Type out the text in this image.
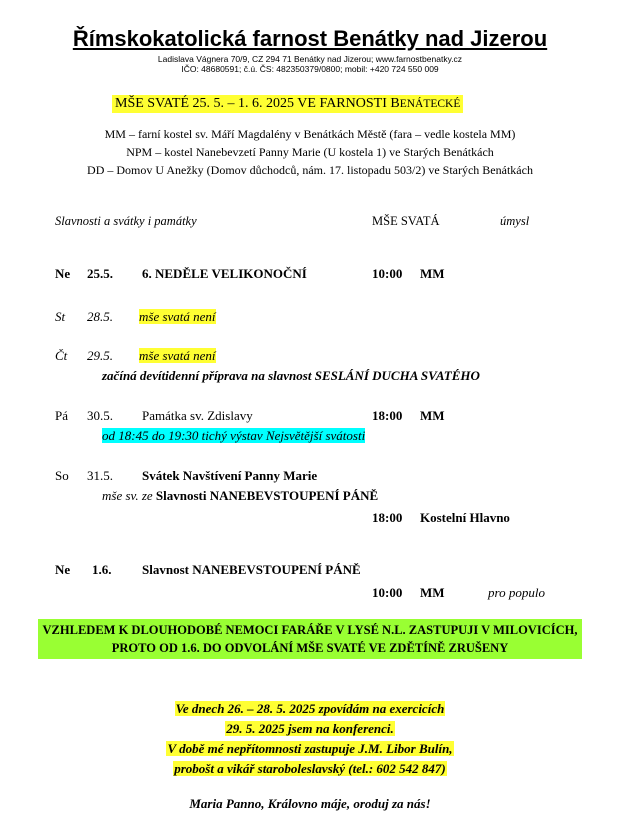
Římskokatolická farnost Benátky nad Jizerou
Ladislava Vágnera 70/9, CZ 294 71 Benátky nad Jizerou; www.farnostbenatky.cz
IČO: 48680591; č.ú. ČS: 482350379/0800; mobil: +420 724 550 009
MŠE SVATÉ 25. 5. – 1. 6. 2025 VE FARNOSTI BENÁTECKÉ
MM – farní kostel sv. Máří Magdalény v Benátkách Městě (fara – vedle kostela MM)
NPM – kostel Nanebevzetí Panny Marie (U kostela 1) ve Starých Benátkách
DD – Domov U Anežky (Domov důchodců, nám. 17. listopadu 503/2) ve Starých Benátkách
Slavnosti a svátky i památky	MŠE SVATÁ	úmysl
Ne 25.5. 6. NEDĚLE VELIKONOČNÍ	10:00 MM
St 28.5. mše svatá není
Čt 29.5. mše svatá není
začíná devítidenní příprava na slavnost SESLÁNÍ DUCHA SVATÉHO
Pá 30.5. Památka sv. Zdislavy	18:00 MM
od 18:45 do 19:30 tichý výstav Nejsvětější svátosti
So 31.5. Svátek Navštívení Panny Marie
mše sv. ze Slavnosti NANEBEVSTOUPENÍ PÁNĚ
18:00 Kostelní Hlavno
Ne 1.6. Slavnost NANEBEVSTOUPENÍ PÁNĚ
10:00 MM	pro populo
VZHLEDEM K DLOUHODOBÉ NEMOCI FARÁŘE V LYSÉ N.L. ZASTUPUJI V MILOVICÍCH,
PROTO OD 1.6. DO ODVOLÁNÍ MŠE SVATÉ VE ZDĚTÍNĚ ZRUŠENY
Ve dnech 26. – 28. 5. 2025 zpovídám na exercicích
29. 5. 2025 jsem na konferenci.
V době mé nepřítomnosti zastupuje J.M. Libor Bulín,
probošt a vikář staroboleslavský (tel.: 602 542 847)
Maria Panno, Královno máje, oroduj za nás!
